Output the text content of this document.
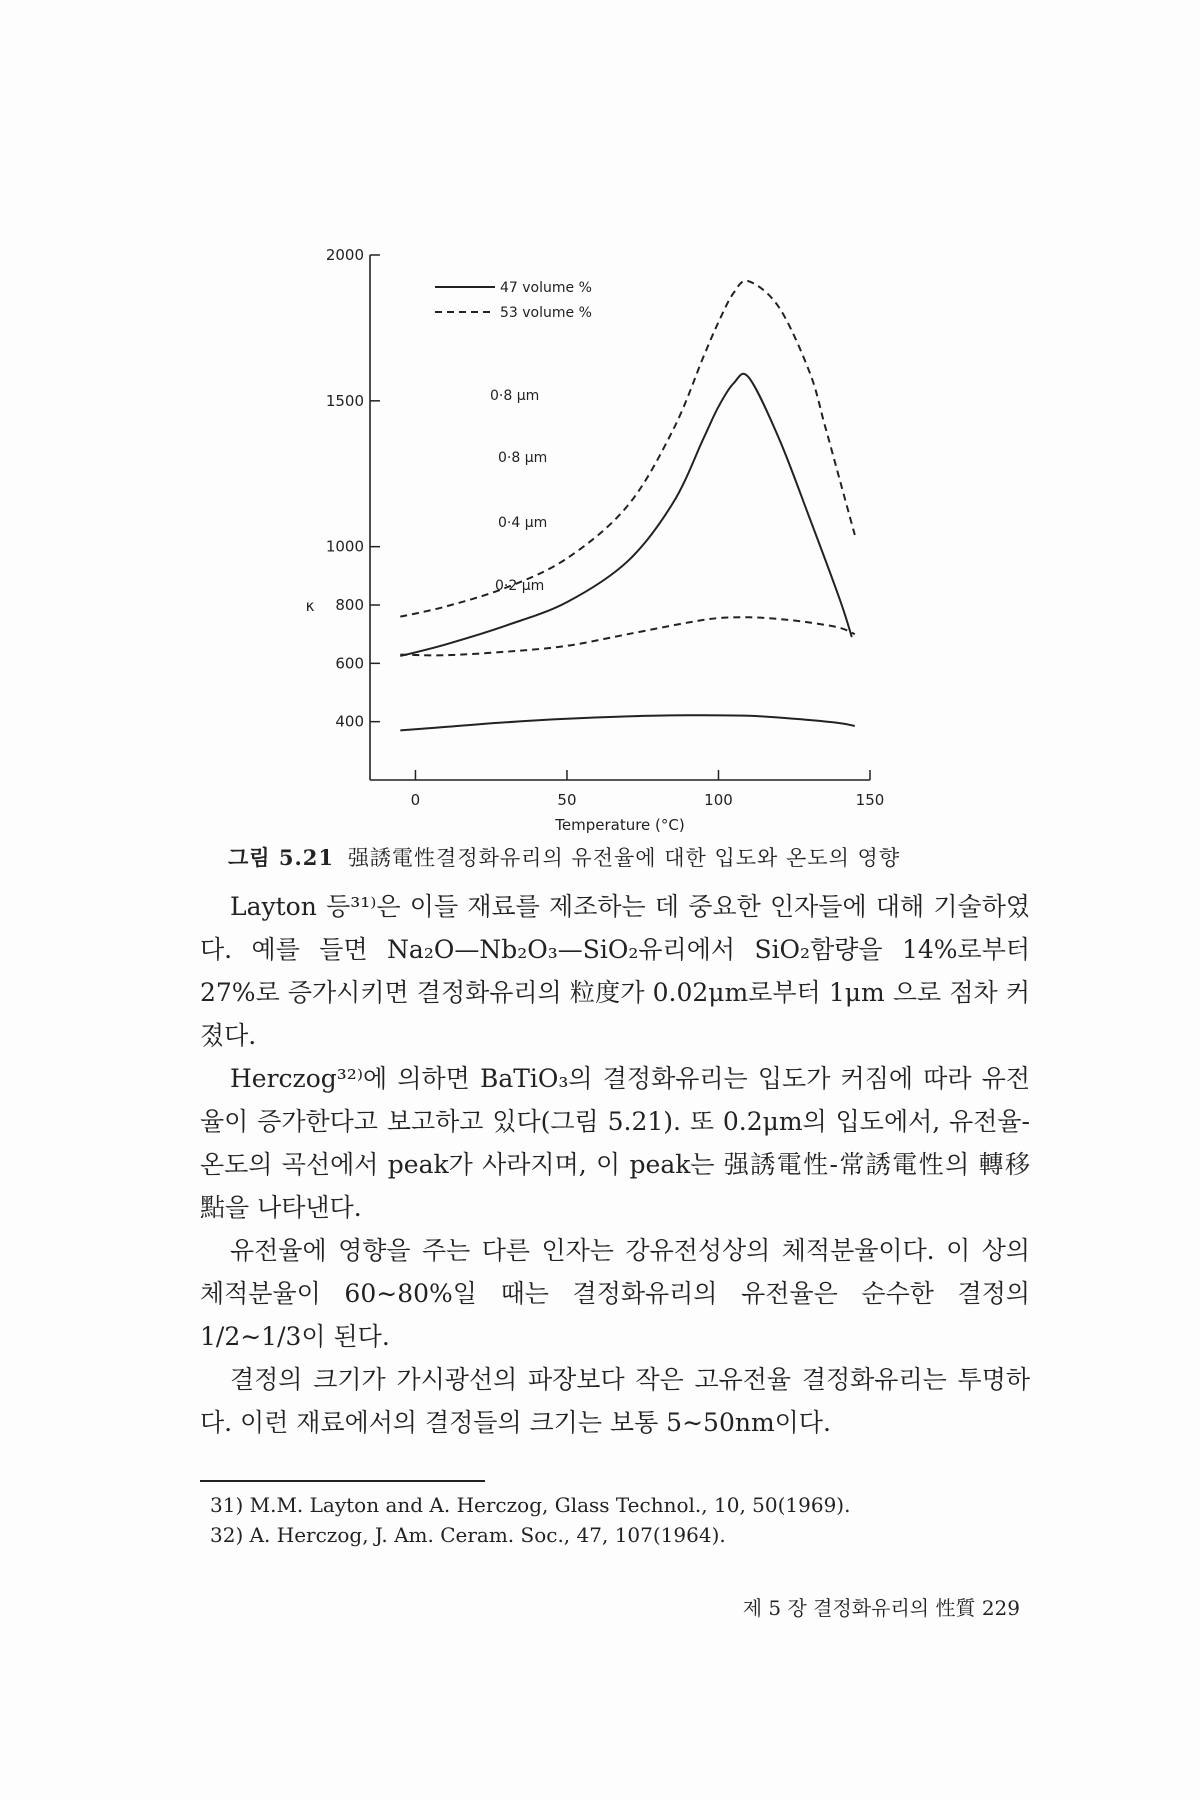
400
600
800
1000
1500
2000
0	50	100	150
Temperature (°C)
κ
47 volume %
53 volume %
0·8 μm
0·8 μm
0·4 μm
0·2 μm
그림 5.21 强誘電性결정화유리의 유전율에 대한 입도와 온도의 영향

Layton 등³¹⁾은 이들 재료를 제조하는 데 중요한 인자들에 대해 기술하였다. 예를 들면 Na₂O—Nb₂O₃—SiO₂유리에서 SiO₂함량을 14%로부터 27%로 증가시키면 결정화유리의 粒度가 0.02μm로부터 1μm 으로 점차 커졌다.

Herczog³²⁾에 의하면 BaTiO₃의 결정화유리는 입도가 커짐에 따라 유전율이 증가한다고 보고하고 있다(그림 5.21). 또 0.2μm의 입도에서, 유전율-온도의 곡선에서 peak가 사라지며, 이 peak는 强誘電性-常誘電性의 轉移點을 나타낸다.

유전율에 영향을 주는 다른 인자는 강유전성상의 체적분율이다. 이 상의 체적분율이 60∼80%일 때는 결정화유리의 유전율은 순수한 결정의 1/2∼1/3이 된다.

결정의 크기가 가시광선의 파장보다 작은 고유전율 결정화유리는 투명하다. 이런 재료에서의 결정들의 크기는 보통 5∼50nm이다.

31) M.M. Layton and A. Herczog, Glass Technol., 10, 50(1969).
32) A. Herczog, J. Am. Ceram. Soc., 47, 107(1964).
제 5 장 결정화유리의 性質 229
